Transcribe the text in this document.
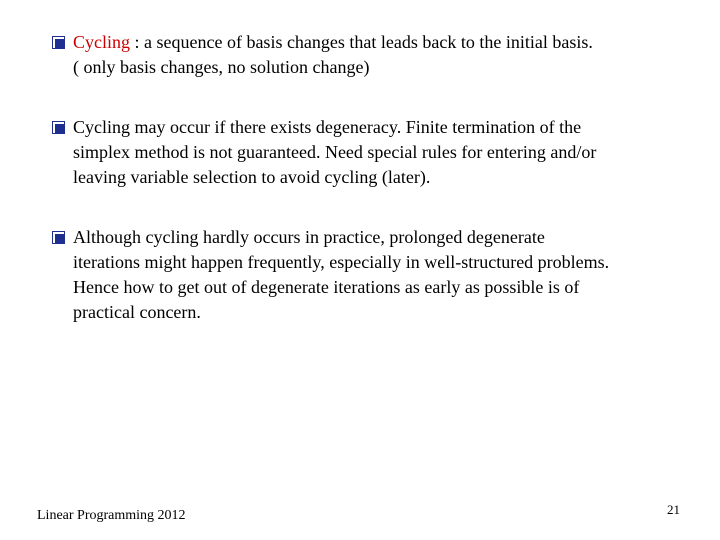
Cycling : a sequence of basis changes that leads back to the initial basis.
( only basis changes, no solution change)
Cycling may occur if there exists degeneracy. Finite termination of the
simplex method is not guaranteed. Need special rules for entering and/or
leaving variable selection to avoid cycling (later).
Although cycling hardly occurs in practice, prolonged degenerate
iterations might happen frequently, especially in well-structured problems.
Hence how to get out of degenerate iterations as early as possible is of
practical concern.
Linear Programming 2012	21
